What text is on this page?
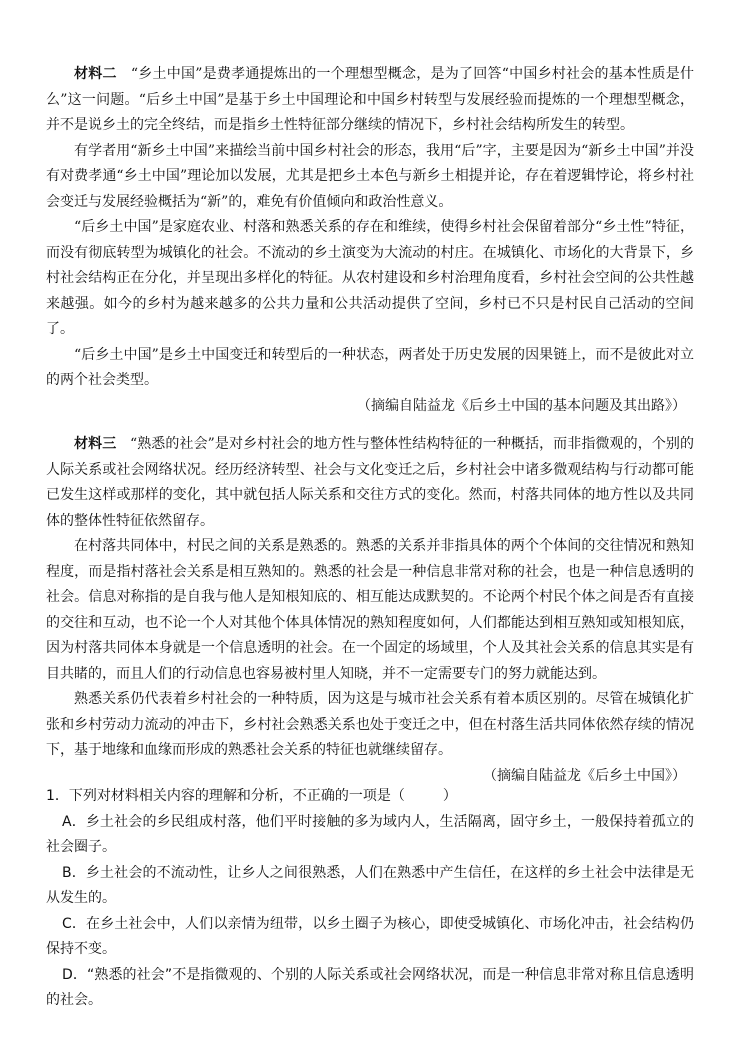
材料二 “乡土中国”是费孝通提炼出的一个理想型概念，是为了回答“中国乡村社会的基本性质是什么”这一问题。“后乡土中国”是基于乡土中国理论和中国乡村转型与发展经验而提炼的一个理想型概念，并不是说乡土的完全终结，而是指乡土性特征部分继续的情况下，乡村社会结构所发生的转型。

有学者用“新乡土中国”来描绘当前中国乡村社会的形态，我用“后”字，主要是因为“新乡土中国”并没有对费孝通“乡土中国”理论加以发展，尤其是把乡土本色与新乡土相提并论，存在着逻辑悖论，将乡村社会变迁与发展经验概括为“新”的，难免有价值倾向和政治性意义。

“后乡土中国”是家庭农业、村落和熟悉关系的存在和维续，使得乡村社会保留着部分“乡土性”特征，而没有彻底转型为城镇化的社会。不流动的乡土演变为大流动的村庄。在城镇化、市场化的大背景下，乡村社会结构正在分化，并呈现出多样化的特征。从农村建设和乡村治理角度看，乡村社会空间的公共性越来越强。如今的乡村为越来越多的公共力量和公共活动提供了空间，乡村已不只是村民自己活动的空间了。

“后乡土中国”是乡土中国变迁和转型后的一种状态，两者处于历史发展的因果链上，而不是彼此对立的两个社会类型。

（摘编自陆益龙《后乡土中国的基本问题及其出路》）

材料三 “熟悉的社会”是对乡村社会的地方性与整体性结构特征的一种概括，而非指微观的，个别的人际关系或社会网络状况。经历经济转型、社会与文化变迁之后，乡村社会中诸多微观结构与行动都可能已发生这样或那样的变化，其中就包括人际关系和交往方式的变化。然而，村落共同体的地方性以及共同体的整体性特征依然留存。

在村落共同体中，村民之间的关系是熟悉的。熟悉的关系并非指具体的两个个体间的交往情况和熟知程度，而是指村落社会关系是相互熟知的。熟悉的社会是一种信息非常对称的社会，也是一种信息透明的社会。信息对称指的是自我与他人是知根知底的、相互能达成默契的。不论两个村民个体之间是否有直接的交往和互动，也不论一个人对其他个体具体情况的熟知程度如何，人们都能达到相互熟知或知根知底，因为村落共同体本身就是一个信息透明的社会。在一个固定的场域里，个人及其社会关系的信息其实是有目共睹的，而且人们的行动信息也容易被村里人知晓，并不一定需要专门的努力就能达到。

熟悉关系仍代表着乡村社会的一种特质，因为这是与城市社会关系有着本质区别的。尽管在城镇化扩张和乡村劳动力流动的冲击下，乡村社会熟悉关系也处于变迁之中，但在村落生活共同体依然存续的情况下，基于地缘和血缘而形成的熟悉社会关系的特征也就继续留存。

（摘编自陆益龙《后乡土中国》）

1．下列对材料相关内容的理解和分析，不正确的一项是（	）

A．乡土社会的乡民组成村落，他们平时接触的多为域内人，生活隔离，固守乡土，一般保持着孤立的社会圈子。

B．乡土社会的不流动性，让乡人之间很熟悉，人们在熟悉中产生信任，在这样的乡土社会中法律是无从发生的。

C．在乡土社会中，人们以亲情为纽带，以乡土圈子为核心，即使受城镇化、市场化冲击，社会结构仍保持不变。

D．“熟悉的社会”不是指微观的、个别的人际关系或社会网络状况，而是一种信息非常对称且信息透明的社会。
